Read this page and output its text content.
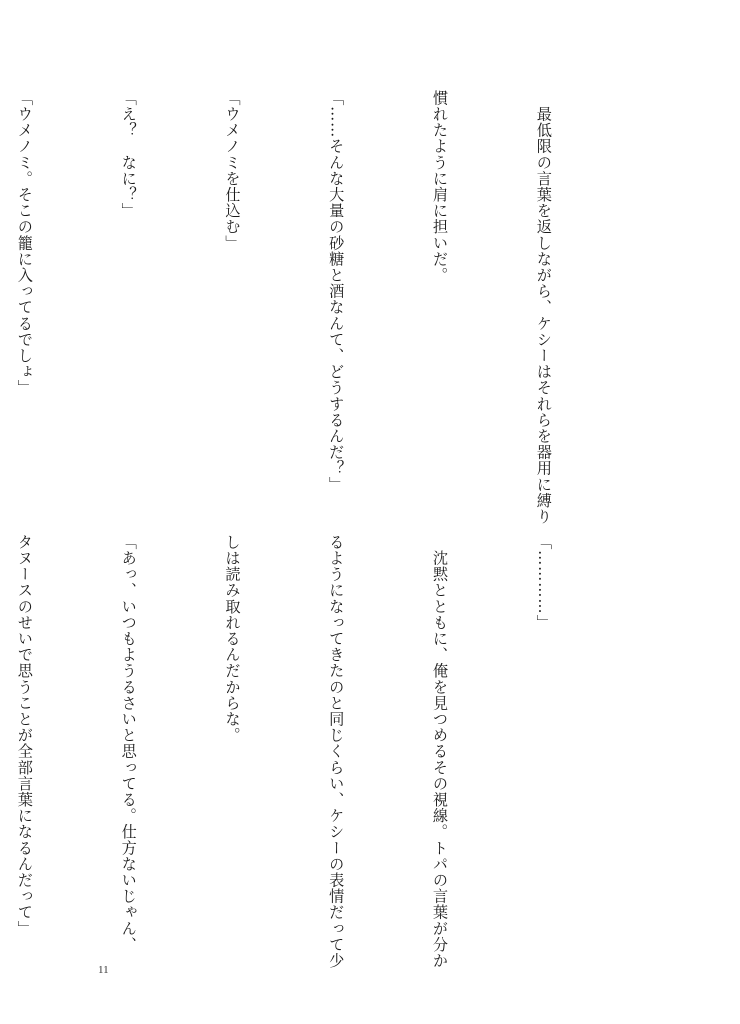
　最低限の言葉を返しながら、ケシーはそれらを器用に縛り

慣れたように肩に担いだ。

「……そんな大量の砂糖と酒なんて、どうするんだ？」

「ウメノミを仕込む」

「え？　なに？」

「ウメノミ。そこの籠に入ってるでしょ」

「…………」

　沈黙とともに、俺を見つめるその視線。トパの言葉が分か

るようになってきたのと同じくらい、ケシーの表情だって少

しは読み取れるんだからな。

「あっ、いつもようるさいと思ってる。仕方ないじゃん、

タヌースのせいで思うことが全部言葉になるんだって」

11
